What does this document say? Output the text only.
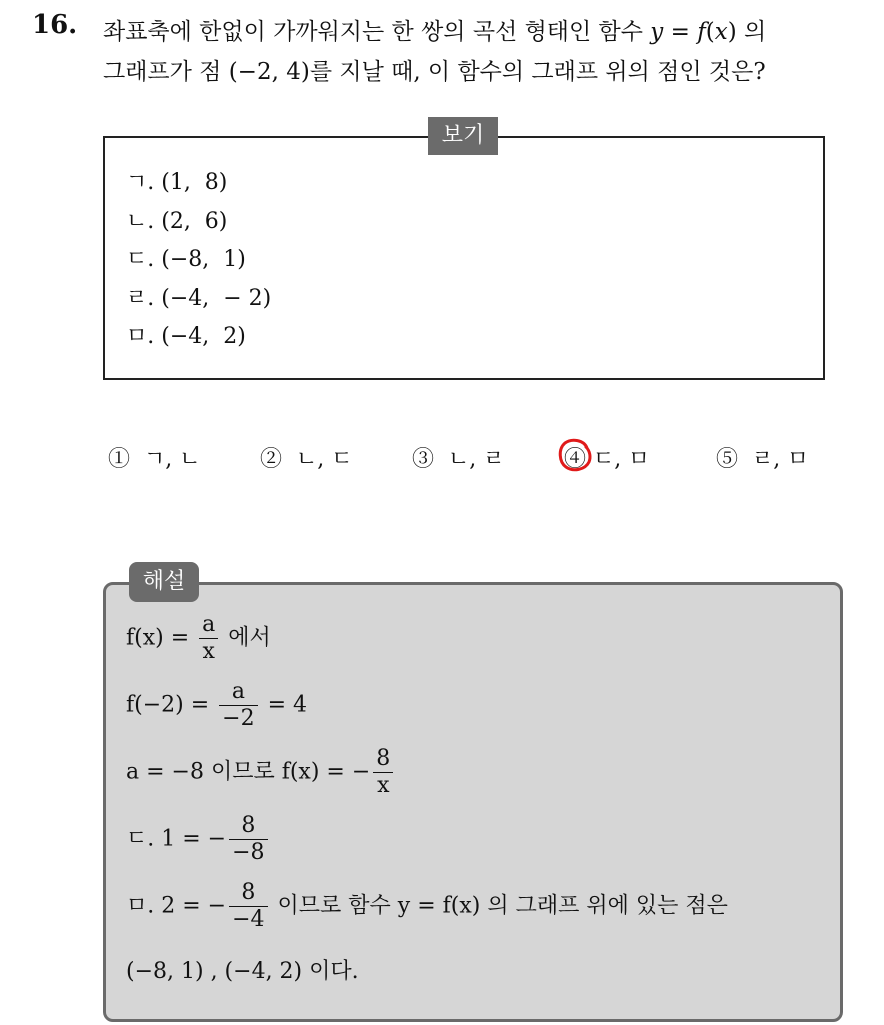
16. 좌표축에 한없이 가까워지는 한 쌍의 곡선 형태인 함수 y = f(x) 의
그래프가 점 (−2, 4)를 지날 때, 이 함수의 그래프 위의 점인 것은?
보기
ㄱ. (1,  8)
ㄴ. (2,  6)
ㄷ. (−8,  1)
ㄹ. (−4,  − 2)
ㅁ. (−4,  2)
① ㄱ, ㄴ	② ㄴ, ㄷ	③ ㄴ, ㄹ	④ ㄷ, ㅁ	⑤ ㄹ, ㅁ
해설
$f(x) = \frac{a}{x}$ 에서
$f(-2) = \frac{a}{-2} = 4$
a = −8 이므로 f(x) = − $\frac{8}{x}$
ㄷ. 1 = − $\frac{8}{-8}$
ㅁ. 2 = − $\frac{8}{-4}$ 이므로 함수 y = f(x) 의 그래프 위에 있는 점은
(−8, 1) , (−4, 2) 이다.
